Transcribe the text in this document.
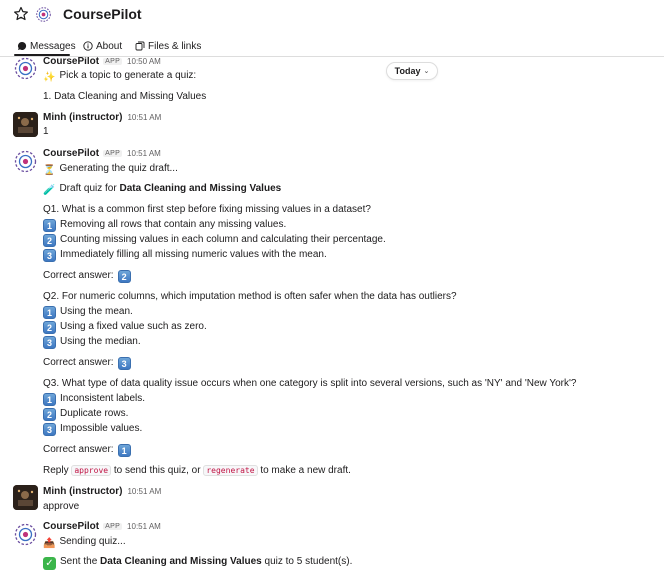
CoursePilot
Messages About	Files & links
Today ⌄
CoursePilot APP 10:50 AM
✨ Pick a topic to generate a quiz:
1. Data Cleaning and Missing Values
Minh (instructor) 10:51 AM
1
CoursePilot APP 10:51 AM
⏳ Generating the quiz draft...
🧪 Draft quiz for Data Cleaning and Missing Values
Q1. What is a common first step before fixing missing values in a dataset?
1 Removing all rows that contain any missing values.
2 Counting missing values in each column and calculating their percentage.
3 Immediately filling all missing numeric values with the mean.
Correct answer: 2
Q2. For numeric columns, which imputation method is often safer when the data has outliers?
1 Using the mean.
2 Using a fixed value such as zero.
3 Using the median.
Correct answer: 3
Q3. What type of data quality issue occurs when one category is split into several versions, such as 'NY' and 'New York'?
1 Inconsistent labels.
2 Duplicate rows.
3 Impossible values.
Correct answer: 1
Reply approve to send this quiz, or regenerate to make a new draft.
Minh (instructor) 10:51 AM
approve
CoursePilot APP 10:51 AM
📤 Sending quiz...
✓ Sent the Data Cleaning and Missing Values quiz to 5 student(s).
